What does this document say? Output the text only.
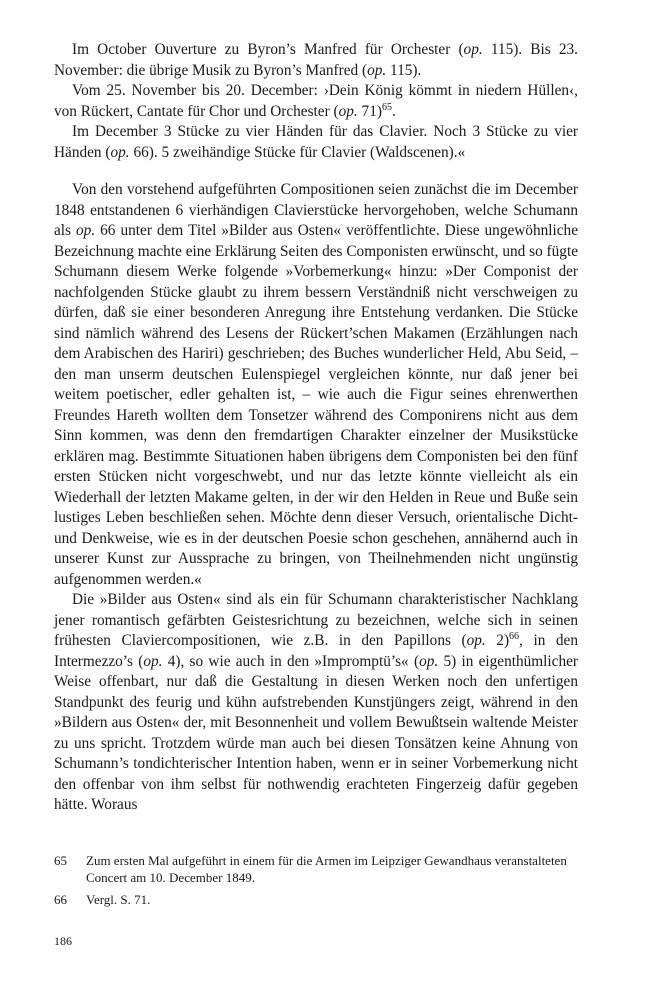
Im October Ouverture zu Byron’s Manfred für Orchester (op. 115). Bis 23. November: die übrige Musik zu Byron’s Manfred (op. 115).

Vom 25. November bis 20. December: ›Dein König kömmt in niedern Hüllen‹, von Rückert, Cantate für Chor und Orchester (op. 71)$^{65}$.

Im December 3 Stücke zu vier Händen für das Clavier. Noch 3 Stücke zu vier Händen (op. 66). 5 zweihändige Stücke für Clavier (Waldscenen).«

Von den vorstehend aufgeführten Compositionen seien zunächst die im December 1848 entstandenen 6 vierhändigen Clavierstücke hervorgehoben, welche Schumann als op. 66 unter dem Titel »Bilder aus Osten« veröffentlichte. Diese ungewöhnliche Bezeichnung machte eine Erklärung Seiten des Componisten erwünscht, und so fügte Schumann diesem Werke folgende »Vorbemerkung« hinzu: »Der Componist der nachfolgenden Stücke glaubt zu ihrem bessern Verständniß nicht verschweigen zu dürfen, daß sie einer besonderen Anregung ihre Entstehung verdanken. Die Stücke sind nämlich während des Lesens der Rückert’schen Makamen (Erzählungen nach dem Arabischen des Hariri) geschrieben; des Buches wunderlicher Held, Abu Seid, – den man unserm deutschen Eulenspiegel vergleichen könnte, nur daß jener bei weitem poetischer, edler gehalten ist, – wie auch die Figur seines ehrenwerthen Freundes Hareth wollten dem Tonsetzer während des Componirens nicht aus dem Sinn kommen, was denn den fremdartigen Charakter einzelner der Musikstücke erklären mag. Bestimmte Situationen haben übrigens dem Componisten bei den fünf ersten Stücken nicht vorgeschwebt, und nur das letzte könnte vielleicht als ein Wiederhall der letzten Makame gelten, in der wir den Helden in Reue und Buße sein lustiges Leben beschließen sehen. Möchte denn dieser Versuch, orientalische Dicht- und Denkweise, wie es in der deutschen Poesie schon geschehen, annähernd auch in unserer Kunst zur Aussprache zu bringen, von Theilnehmenden nicht ungünstig aufgenommen werden.«

Die »Bilder aus Osten« sind als ein für Schumann charakteristischer Nachklang jener romantisch gefärbten Geistesrichtung zu bezeichnen, welche sich in seinen frühesten Claviercompositionen, wie z.B. in den Papillons (op. 2)$^{66}$, in den Intermezzo’s (op. 4), so wie auch in den »Impromptü’s« (op. 5) in eigenthümlicher Weise offenbart, nur daß die Gestaltung in diesen Werken noch den unfertigen Standpunkt des feurig und kühn aufstrebenden Kunstjüngers zeigt, während in den »Bildern aus Osten« der, mit Besonnenheit und vollem Bewußtsein waltende Meister zu uns spricht. Trotzdem würde man auch bei diesen Tonsätzen keine Ahnung von Schumann’s tondichterischer Intention haben, wenn er in seiner Vorbemerkung nicht den offenbar von ihm selbst für nothwendig erachteten Fingerzeig dafür gegeben hätte. Woraus

65	Zum ersten Mal aufgeführt in einem für die Armen im Leipziger Gewandhaus veranstalteten Concert am 10. December 1849.
66	Vergl. S. 71.
186
